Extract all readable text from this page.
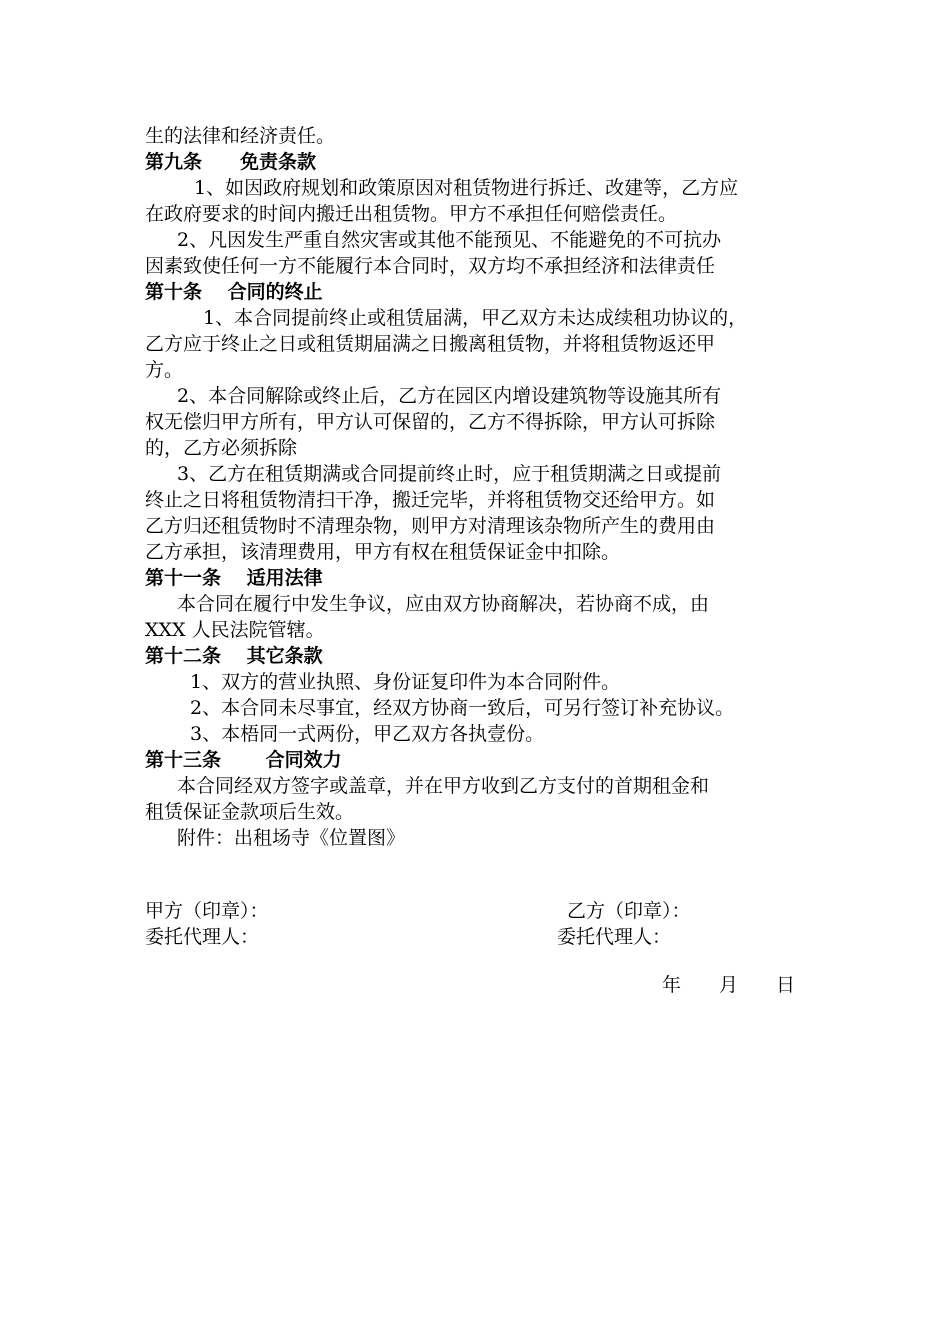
生的法律和经济责任。
第九条　　免责条款
　1、如因政府规划和政策原因对租赁物进行拆迁、改建等，乙方应
在政府要求的时间内搬迁出租赁物。甲方不承担任何赔偿责任。
2、凡因发生严重自然灾害或其他不能预见、不能避免的不可抗办
因素致使任何一方不能履行本合同时，双方均不承担经济和法律责任
第十条　 合同的终止
1、本合同提前终止或租赁届满，甲乙双方未达成续租功协议的，
乙方应于终止之日或租赁期届满之日搬离租赁物，并将租赁物返还甲
方。
2、本合同解除或终止后，乙方在园区内增设建筑物等设施其所有
权无偿归甲方所有，甲方认可保留的，乙方不得拆除，甲方认可拆除
的，乙方必须拆除
3、乙方在租赁期满或合同提前终止时，应于租赁期满之日或提前
终止之日将租赁物清扫干净，搬迁完毕，并将租赁物交还给甲方。如
乙方归还租赁物时不清理杂物，则甲方对清理该杂物所产生的费用由
乙方承担，该清理费用，甲方有权在租赁保证金中扣除。
第十一条　 适用法律
本合同在履行中发生争议，应由双方协商解决，若协商不成，由
XXX 人民法院管辖。
第十二条　 其它条款
1、双方的营业执照、身份证复印件为本合同附件。
2、本合同未尽事宜，经双方协商一致后，可另行签订补充协议。
3、本梧同一式两份，甲乙双方各执壹份。
第十三条　　 合同效力
本合同经双方签字或盖章，并在甲方收到乙方支付的首期租金和
租赁保证金款项后生效。
附件：出租场寺《位置图》
甲方（印章）：	乙方（印章）：
委托代理人：	委托代理人：
年　　月　　日
